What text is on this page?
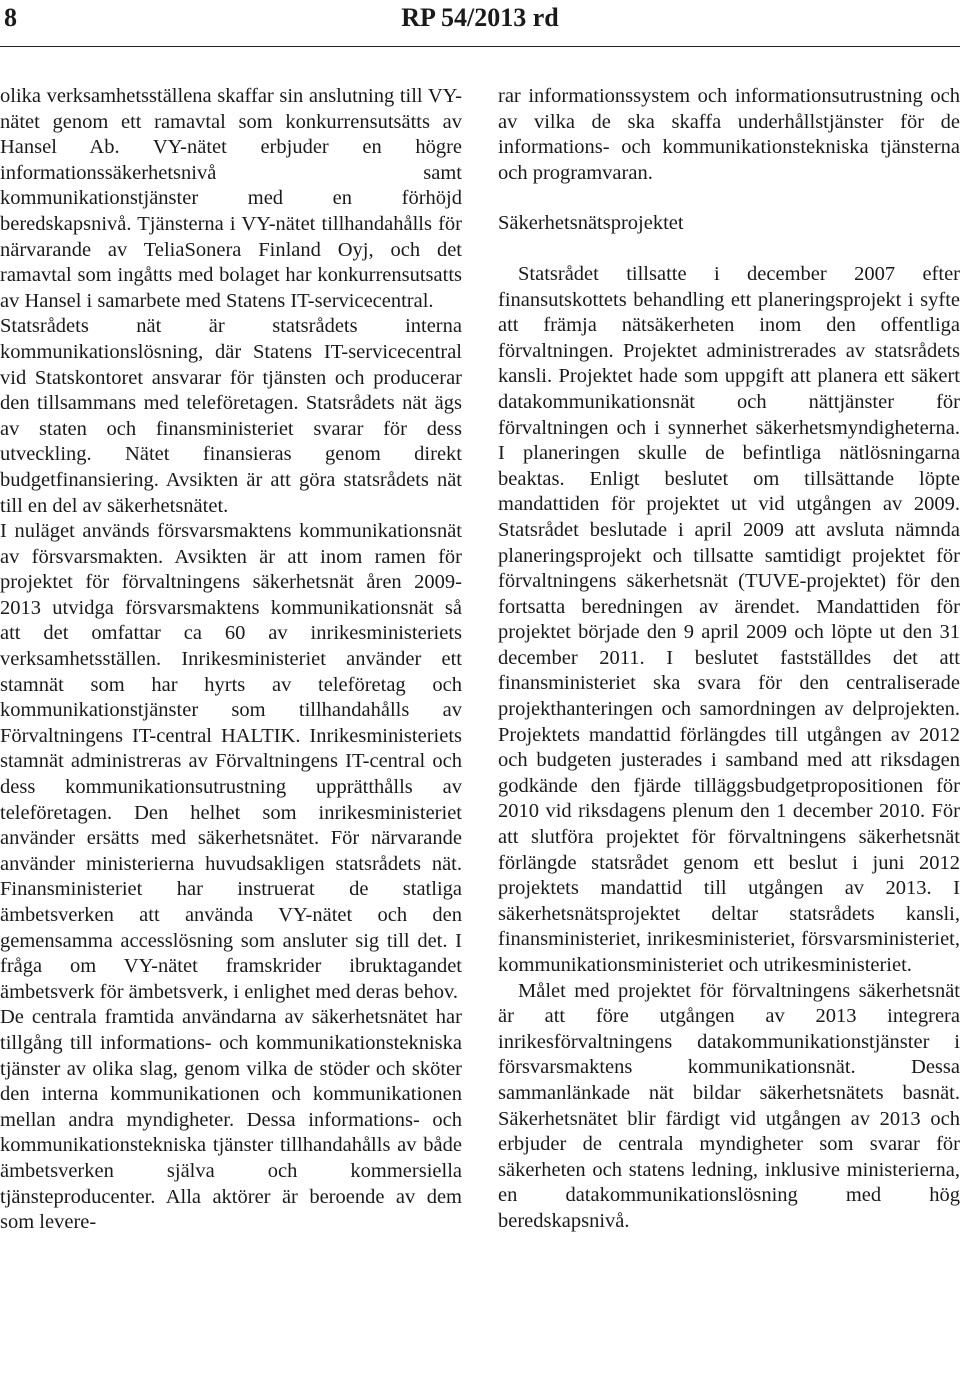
8	RP 54/2013 rd

olika verksamhetsställena skaffar sin anslutning till VY-nätet genom ett ramavtal som konkurrensutsätts av Hansel Ab. VY-nätet erbjuder en högre informationssäkerhetsnivå samt kommunikationstjänster med en förhöjd beredskapsnivå. Tjänsterna i VY-nätet tillhandahålls för närvarande av TeliaSonera Finland Oyj, och det ramavtal som ingåtts med bolaget har konkurrensutsatts av Hansel i samarbete med Statens IT-servicecentral.

Statsrådets nät är statsrådets interna kommunikationslösning, där Statens IT-servicecentral vid Statskontoret ansvarar för tjänsten och producerar den tillsammans med teleföretagen. Statsrådets nät ägs av staten och finansministeriet svarar för dess utveckling. Nätet finansieras genom direkt budgetfinansiering. Avsikten är att göra statsrådets nät till en del av säkerhetsnätet.

I nuläget används försvarsmaktens kommunikationsnät av försvarsmakten. Avsikten är att inom ramen för projektet för förvaltningens säkerhetsnät åren 2009-2013 utvidga försvarsmaktens kommunikationsnät så att det omfattar ca 60 av inrikesministeriets verksamhetsställen. Inrikesministeriet använder ett stamnät som har hyrts av teleföretag och kommunikationstjänster som tillhandahålls av Förvaltningens IT-central HALTIK. Inrikesministeriets stamnät administreras av Förvaltningens IT-central och dess kommunikationsutrustning upprätthålls av teleföretagen. Den helhet som inrikesministeriet använder ersätts med säkerhetsnätet. För närvarande använder ministerierna huvudsakligen statsrådets nät. Finansministeriet har instruerat de statliga ämbetsverken att använda VY-nätet och den gemensamma accesslösning som ansluter sig till det. I fråga om VY-nätet framskrider ibruktagandet ämbetsverk för ämbetsverk, i enlighet med deras behov.

De centrala framtida användarna av säkerhetsnätet har tillgång till informations- och kommunikationstekniska tjänster av olika slag, genom vilka de stöder och sköter den interna kommunikationen och kommunikationen mellan andra myndigheter. Dessa informations- och kommunikationstekniska tjänster tillhandahålls av både ämbetsverken själva och kommersiella tjänsteproducenter. Alla aktörer är beroende av dem som levere-

rar informationssystem och informationsutrustning och av vilka de ska skaffa underhållstjänster för de informations- och kommunikationstekniska tjänsterna och programvaran.

Säkerhetsnätsprojektet

Statsrådet tillsatte i december 2007 efter finansutskottets behandling ett planeringsprojekt i syfte att främja nätsäkerheten inom den offentliga förvaltningen. Projektet administrerades av statsrådets kansli. Projektet hade som uppgift att planera ett säkert datakommunikationsnät och nättjänster för förvaltningen och i synnerhet säkerhetsmyndigheterna. I planeringen skulle de befintliga nätlösningarna beaktas. Enligt beslutet om tillsättande löpte mandattiden för projektet ut vid utgången av 2009. Statsrådet beslutade i april 2009 att avsluta nämnda planeringsprojekt och tillsatte samtidigt projektet för förvaltningens säkerhetsnät (TUVE-projektet) för den fortsatta beredningen av ärendet. Mandattiden för projektet började den 9 april 2009 och löpte ut den 31 december 2011. I beslutet fastställdes det att finansministeriet ska svara för den centraliserade projekthanteringen och samordningen av delprojekten. Projektets mandattid förlängdes till utgången av 2012 och budgeten justerades i samband med att riksdagen godkände den fjärde tilläggsbudgetpropositionen för 2010 vid riksdagens plenum den 1 december 2010. För att slutföra projektet för förvaltningens säkerhetsnät förlängde statsrådet genom ett beslut i juni 2012 projektets mandattid till utgången av 2013. I säkerhetsnätsprojektet deltar statsrådets kansli, finansministeriet, inrikesministeriet, försvarsministeriet, kommunikationsministeriet och utrikesministeriet.

Målet med projektet för förvaltningens säkerhetsnät är att före utgången av 2013 integrera inrikesförvaltningens datakommunikationstjänster i försvarsmaktens kommunikationsnät. Dessa sammanlänkade nät bildar säkerhetsnätets basnät. Säkerhetsnätet blir färdigt vid utgången av 2013 och erbjuder de centrala myndigheter som svarar för säkerheten och statens ledning, inklusive ministerierna, en datakommunikationslösning med hög beredskapsnivå.
